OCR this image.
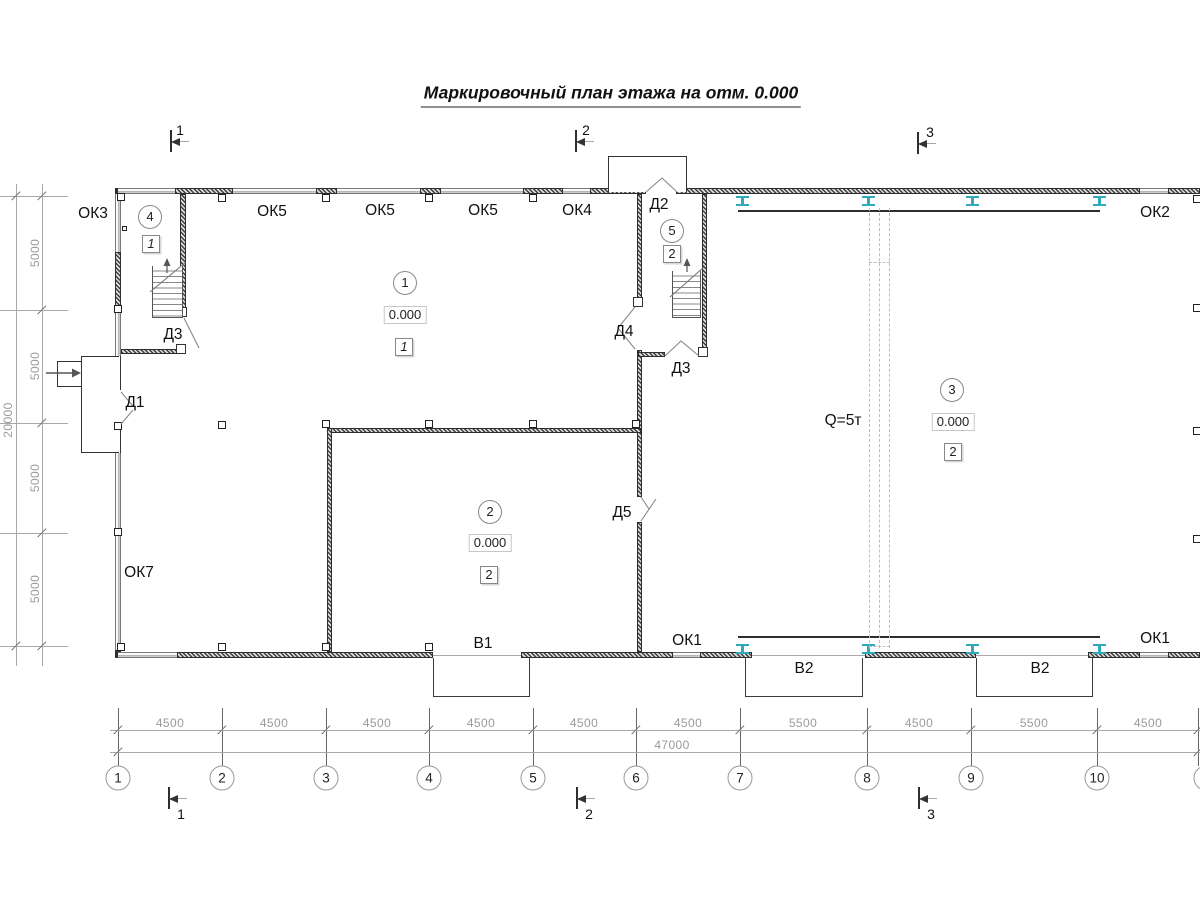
Маркировочный план этажа на отм. 0.000
1	2	3
1	2	3
5000
5000
5000
5000
20000
4500	4500	4500	4500	4500	4500	5500	4500	5500	4500
47000
1	2	3	4	5	6	7	8	9	10
1
0.000
1
2
0.000
2
3
0.000
2
4
1
5
2
ОК3	ОК5	ОК5	ОК5	ОК4	Д2	ОК2
Д3
Д1
Д4
Д3
Д5
ОК7
В1	ОК1
В2	В2
ОК1
Q=5т
